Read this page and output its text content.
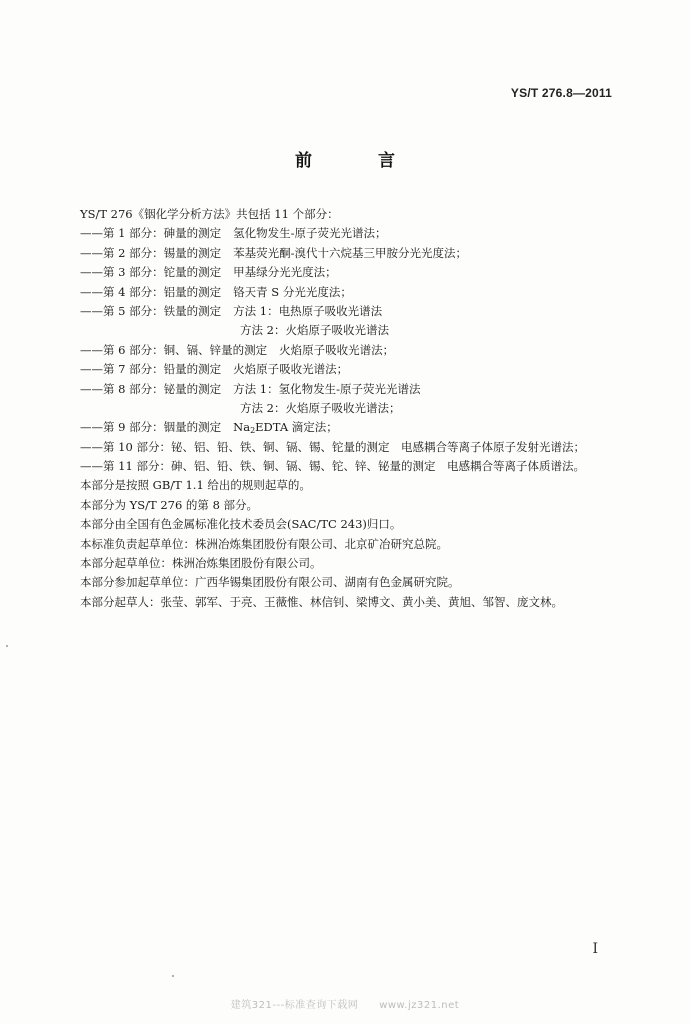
YS/T 276.8—2011
前 言
YS/T 276《铟化学分析方法》共包括 11 个部分：
——第 1 部分：砷量的测定 氢化物发生-原子荧光光谱法；
——第 2 部分：锡量的测定 苯基荧光酮-溴代十六烷基三甲胺分光光度法；
——第 3 部分：铊量的测定 甲基绿分光光度法；
——第 4 部分：铝量的测定 铬天青 S 分光光度法；
——第 5 部分：铁量的测定 方法 1：电热原子吸收光谱法
方法 2：火焰原子吸收光谱法
——第 6 部分：铜、镉、锌量的测定 火焰原子吸收光谱法；
——第 7 部分：铅量的测定 火焰原子吸收光谱法；
——第 8 部分：铋量的测定 方法 1：氢化物发生-原子荧光光谱法
方法 2：火焰原子吸收光谱法；
——第 9 部分：铟量的测定 $Na_2EDTA$ 滴定法；
——第 10 部分：铋、铝、铅、铁、铜、镉、锡、铊量的测定　电感耦合等离子体原子发射光谱法；
——第 11 部分：砷、铝、铅、铁、铜、镉、锡、铊、锌、铋量的测定　电感耦合等离子体质谱法。
本部分是按照 GB/T 1.1 给出的规则起草的。
本部分为 YS/T 276 的第 8 部分。
本部分由全国有色金属标准化技术委员会(SAC/TC 243)归口。
本标准负责起草单位：株洲冶炼集团股份有限公司、北京矿冶研究总院。
本部分起草单位：株洲冶炼集团股份有限公司。
本部分参加起草单位：广西华锡集团股份有限公司、湖南有色金属研究院。
本部分起草人：张莹、郭军、于亮、王薇惟、林信钊、梁博文、黄小美、黄旭、邹智、庞文林。
I
建筑321---标准查询下载网　　www.jz321.net
